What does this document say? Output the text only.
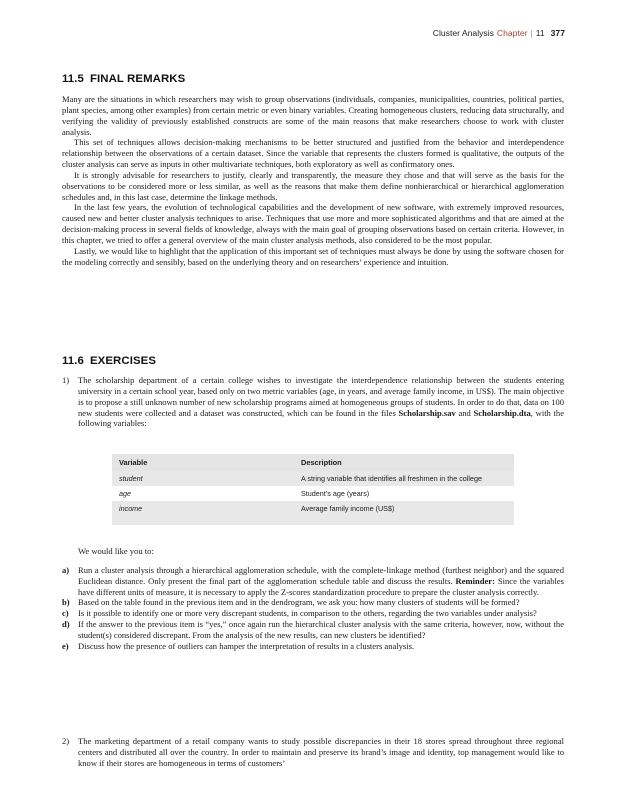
Cluster Analysis Chapter | 11 377
11.5 FINAL REMARKS

Many are the situations in which researchers may wish to group observations (individuals, companies, municipalities, countries, political parties, plant species, among other examples) from certain metric or even binary variables. Creating homogeneous clusters, reducing data structurally, and verifying the validity of previously established constructs are some of the main reasons that make researchers choose to work with cluster analysis.

This set of techniques allows decision-making mechanisms to be better structured and justified from the behavior and interdependence relationship between the observations of a certain dataset. Since the variable that represents the clusters formed is qualitative, the outputs of the cluster analysis can serve as inputs in other multivariate techniques, both exploratory as well as confirmatory ones.

It is strongly advisable for researchers to justify, clearly and transparently, the measure they chose and that will serve as the basis for the observations to be considered more or less similar, as well as the reasons that make them define nonhierarchical or hierarchical agglomeration schedules and, in this last case, determine the linkage methods.

In the last few years, the evolution of technological capabilities and the development of new software, with extremely improved resources, caused new and better cluster analysis techniques to arise. Techniques that use more and more sophisticated algorithms and that are aimed at the decision-making process in several fields of knowledge, always with the main goal of grouping observations based on certain criteria. However, in this chapter, we tried to offer a general overview of the main cluster analysis methods, also considered to be the most popular.

Lastly, we would like to highlight that the application of this important set of techniques must always be done by using the software chosen for the modeling correctly and sensibly, based on the underlying theory and on researchers’ experience and intuition.

11.6 EXERCISES

1) The scholarship department of a certain college wishes to investigate the interdependence relationship between the students entering university in a certain school year, based only on two metric variables (age, in years, and average family income, in US$). The main objective is to propose a still unknown number of new scholarship programs aimed at homogeneous groups of students. In order to do that, data on 100 new students were collected and a dataset was constructed, which can be found in the files Scholarship.sav and Scholarship.dta, with the following variables:

Variable	Description
student	A string variable that identifies all freshmen in the college
age	Student’s age (years)
income	Average family income (US$)

We would like you to:

a) Run a cluster analysis through a hierarchical agglomeration schedule, with the complete-linkage method (furthest neighbor) and the squared Euclidean distance. Only present the final part of the agglomeration schedule table and discuss the results. Reminder: Since the variables have different units of measure, it is necessary to apply the Z-scores standardization procedure to prepare the cluster analysis correctly.

b) Based on the table found in the previous item and in the dendrogram, we ask you: how many clusters of students will be formed?

c) Is it possible to identify one or more very discrepant students, in comparison to the others, regarding the two variables under analysis?

d) If the answer to the previous item is “yes,” once again run the hierarchical cluster analysis with the same criteria, however, now, without the student(s) considered discrepant. From the analysis of the new results, can new clusters be identified?

e) Discuss how the presence of outliers can hamper the interpretation of results in a clusters analysis.

2) The marketing department of a retail company wants to study possible discrepancies in their 18 stores spread throughout three regional centers and distributed all over the country. In order to maintain and preserve its brand’s image and identity, top management would like to know if their stores are homogeneous in terms of customers’
